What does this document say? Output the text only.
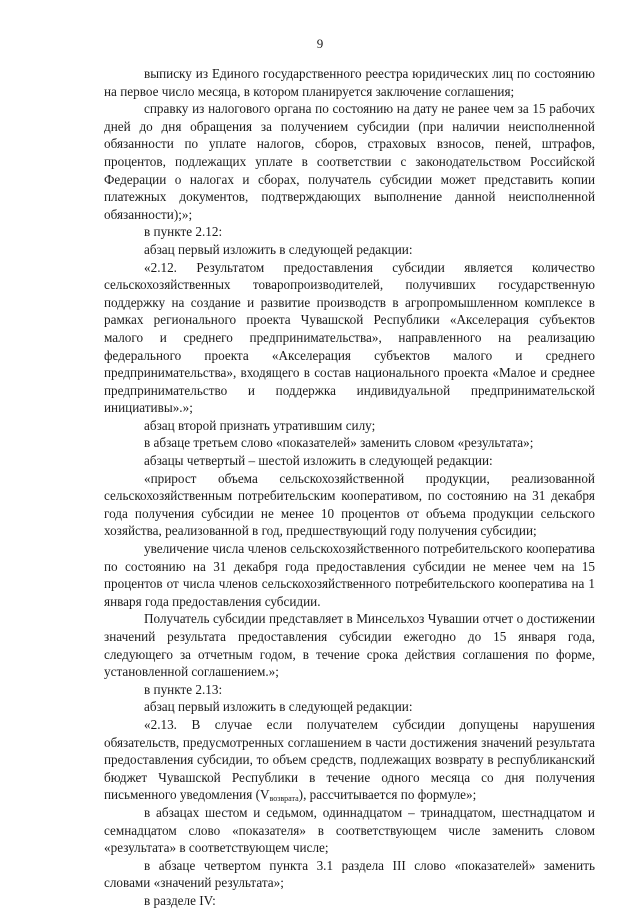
9

выписку из Единого государственного реестра юридических лиц по состоянию на первое число месяца, в котором планируется заключение соглашения;

справку из налогового органа по состоянию на дату не ранее чем за 15 рабочих дней до дня обращения за получением субсидии (при наличии неисполненной обязанности по уплате налогов, сборов, страховых взносов, пеней, штрафов, процентов, подлежащих уплате в соответствии с законодательством Российской Федерации о налогах и сборах, получатель субсидии может представить копии платежных документов, подтверждающих выполнение данной неисполненной обязанности);»;

в пункте 2.12:

абзац первый изложить в следующей редакции:

«2.12. Результатом предоставления субсидии является количество сельскохозяйственных товаропроизводителей, получивших государственную поддержку на создание и развитие производств в агропромышленном комплексе в рамках регионального проекта Чувашской Республики «Акселерация субъектов малого и среднего предпринимательства», направленного на реализацию федерального проекта «Акселерация субъектов малого и среднего предпринимательства», входящего в состав национального проекта «Малое и среднее предпринимательство и поддержка индивидуальной предпринимательской инициативы».»;

абзац второй признать утратившим силу;

в абзаце третьем слово «показателей» заменить словом «результата»;

абзацы четвертый – шестой изложить в следующей редакции:

«прирост объема сельскохозяйственной продукции, реализованной сельскохозяйственным потребительским кооперативом, по состоянию на 31 декабря года получения субсидии не менее 10 процентов от объема продукции сельского хозяйства, реализованной в год, предшествующий году получения субсидии;

увеличение числа членов сельскохозяйственного потребительского кооператива по состоянию на 31 декабря года предоставления субсидии не менее чем на 15 процентов от числа членов сельскохозяйственного потребительского кооператива на 1 января года предоставления субсидии.

Получатель субсидии представляет в Минсельхоз Чувашии отчет о достижении значений результата предоставления субсидии ежегодно до 15 января года, следующего за отчетным годом, в течение срока действия соглашения по форме, установленной соглашением.»;

в пункте 2.13:

абзац первый изложить в следующей редакции:

«2.13. В случае если получателем субсидии допущены нарушения обязательств, предусмотренных соглашением в части достижения значений результата предоставления субсидии, то объем средств, подлежащих возврату в республиканский бюджет Чувашской Республики в течение одного месяца со дня получения письменного уведомления $(V_{возврата})$, рассчитывается по формуле»;

в абзацах шестом и седьмом, одиннадцатом – тринадцатом, шестнадцатом и семнадцатом слово «показателя» в соответствующем числе заменить словом «результата» в соответствующем числе;

в абзаце четвертом пункта 3.1 раздела III слово «показателей» заменить словами «значений результата»;

в разделе IV:
